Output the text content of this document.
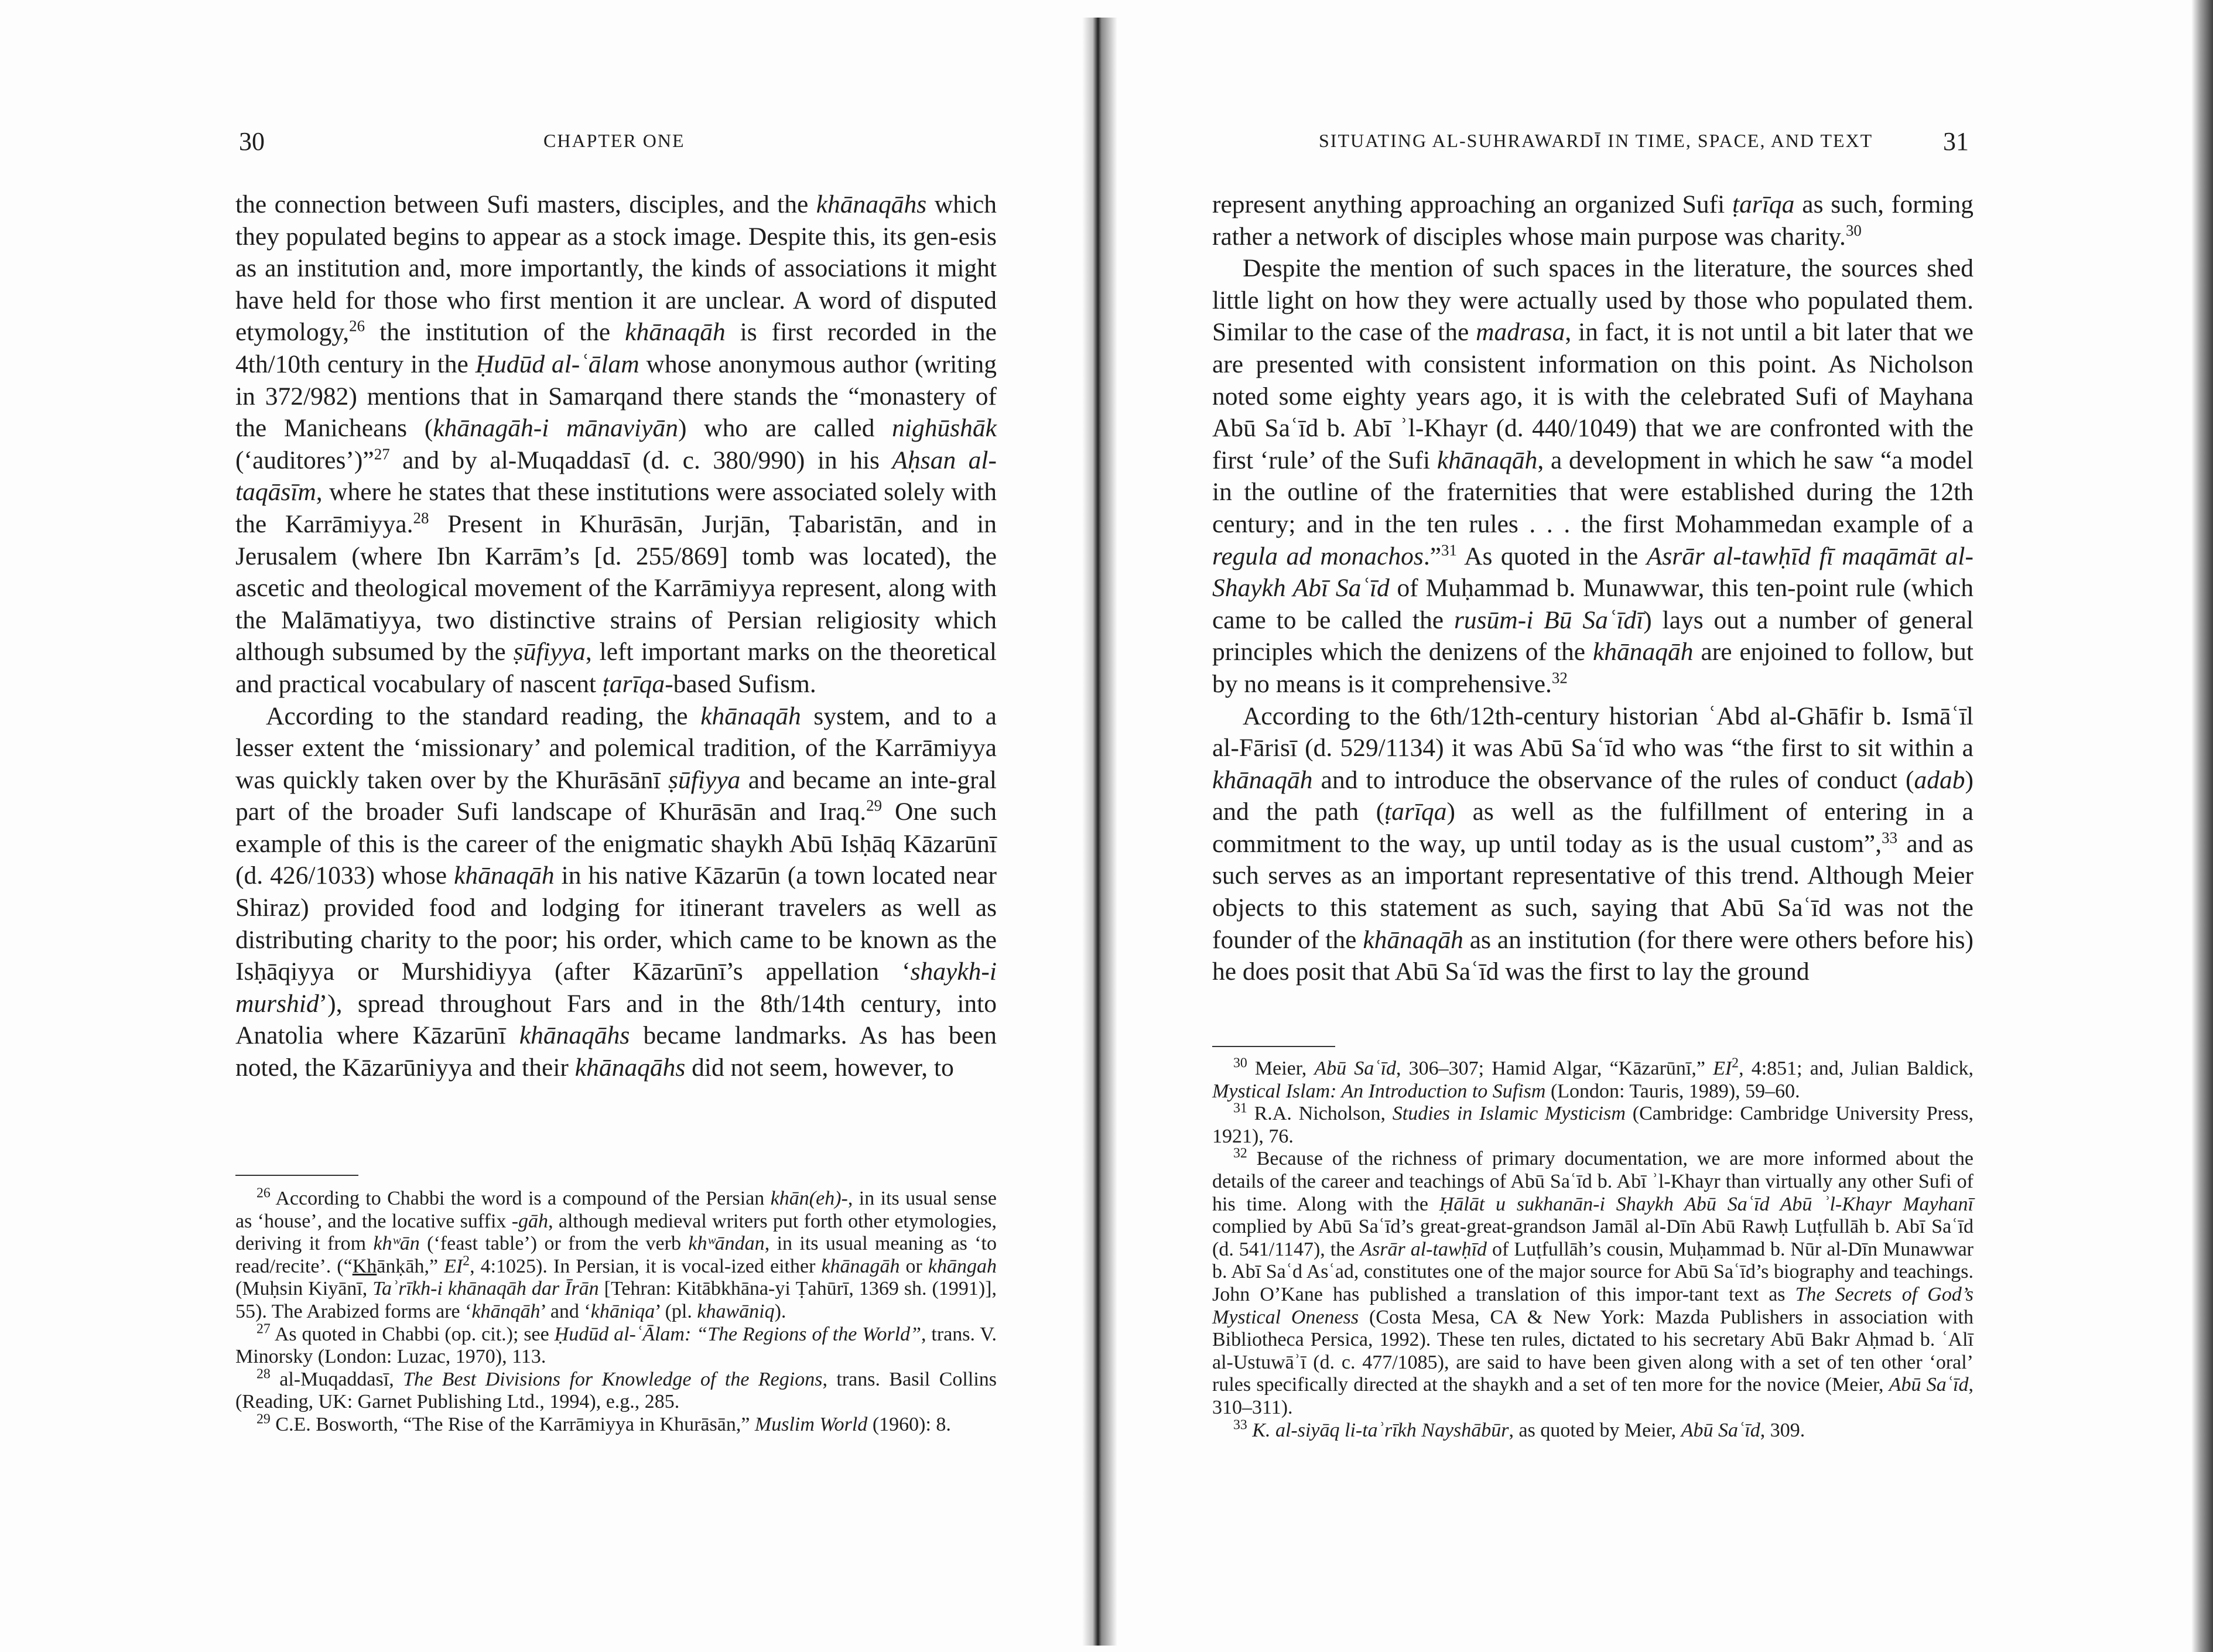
30	CHAPTER ONE

the connection between Sufi masters, disciples, and the khānaqāhs which they populated begins to appear as a stock image. Despite this, its gen-esis as an institution and, more importantly, the kinds of associations it might have held for those who first mention it are unclear. A word of disputed etymology,$^{26}$ the institution of the khānaqāh is first recorded in the 4th/10th century in the Ḥudūd al-ʿālam whose anonymous author (writing in 372/982) mentions that in Samarqand there stands the “monastery of the Manicheans (khānagāh-i mānaviyān) who are called nighūshāk (‘auditores’)”$^{27}$ and by al-Muqaddasī (d. c. 380/990) in his Aḥsan al-taqāsīm, where he states that these institutions were associated solely with the Karrāmiyya.$^{28}$ Present in Khurāsān, Jurjān, Ṭabaristān, and in Jerusalem (where Ibn Karrām’s [d. 255/869] tomb was located), the ascetic and theological movement of the Karrāmiyya represent, along with the Malāmatiyya, two distinctive strains of Persian religiosity which although subsumed by the ṣūfiyya, left important marks on the theoretical and practical vocabulary of nascent ṭarīqa-based Sufism.

According to the standard reading, the khānaqāh system, and to a lesser extent the ‘missionary’ and polemical tradition, of the Karrāmiyya was quickly taken over by the Khurāsānī ṣūfiyya and became an inte-gral part of the broader Sufi landscape of Khurāsān and Iraq.$^{29}$ One such example of this is the career of the enigmatic shaykh Abū Isḥāq Kāzarūnī (d. 426/1033) whose khānaqāh in his native Kāzarūn (a town located near Shiraz) provided food and lodging for itinerant travelers as well as distributing charity to the poor; his order, which came to be known as the Isḥāqiyya or Murshidiyya (after Kāzarūnī’s appellation ‘shaykh-i murshid’), spread throughout Fars and in the 8th/14th century, into Anatolia where Kāzarūnī khānaqāhs became landmarks. As has been noted, the Kāzarūniyya and their khānaqāhs did not seem, however, to

$^{26}$ According to Chabbi the word is a compound of the Persian khān(eh)-, in its usual sense as ‘house’, and the locative suffix -gāh, although medieval writers put forth other etymologies, deriving it from khʷān (‘feast table’) or from the verb khʷāndan, in its usual meaning as ‘to read/recite’. (“Khānḳāh,” $EI^2$, 4:1025). In Persian, it is vocal-ized either khānagāh or khāngah (Muḥsin Kiyānī, Taʾrīkh-i khānaqāh dar Īrān [Tehran: Kitābkhāna-yi Ṭahūrī, 1369 sh. (1991)], 55). The Arabized forms are ‘khānqāh’ and ‘khāniqa’ (pl. khawāniq).

$^{27}$ As quoted in Chabbi (op. cit.); see Ḥudūd al-ʿĀlam: “The Regions of the World”, trans. V. Minorsky (London: Luzac, 1970), 113.

$^{28}$ al-Muqaddasī, The Best Divisions for Knowledge of the Regions, trans. Basil Collins (Reading, UK: Garnet Publishing Ltd., 1994), e.g., 285.

$^{29}$ C.E. Bosworth, “The Rise of the Karrāmiyya in Khurāsān,” Muslim World (1960): 8.

SITUATING AL-SUHRAWARDĪ IN TIME, SPACE, AND TEXT	31

represent anything approaching an organized Sufi ṭarīqa as such, forming rather a network of disciples whose main purpose was charity.$^{30}$

Despite the mention of such spaces in the literature, the sources shed little light on how they were actually used by those who populated them. Similar to the case of the madrasa, in fact, it is not until a bit later that we are presented with consistent information on this point. As Nicholson noted some eighty years ago, it is with the celebrated Sufi of Mayhana Abū Saʿīd b. Abī ʾl-Khayr (d. 440/1049) that we are confronted with the first ‘rule’ of the Sufi khānaqāh, a development in which he saw “a model in the outline of the fraternities that were established during the 12th century; and in the ten rules . . . the first Mohammedan example of a regula ad monachos.”$^{31}$ As quoted in the Asrār al-tawḥīd fī maqāmāt al-Shaykh Abī Saʿīd of Muḥammad b. Munawwar, this ten-point rule (which came to be called the rusūm-i Bū Saʿīdī) lays out a number of general principles which the denizens of the khānaqāh are enjoined to follow, but by no means is it comprehensive.$^{32}$

According to the 6th/12th-century historian ʿAbd al-Ghāfir b. Ismāʿīl al-Fārisī (d. 529/1134) it was Abū Saʿīd who was “the first to sit within a khānaqāh and to introduce the observance of the rules of conduct (adab) and the path (ṭarīqa) as well as the fulfillment of entering in a commitment to the way, up until today as is the usual custom”,$^{33}$ and as such serves as an important representative of this trend. Although Meier objects to this statement as such, saying that Abū Saʿīd was not the founder of the khānaqāh as an institution (for there were others before his) he does posit that Abū Saʿīd was the first to lay the ground

$^{30}$ Meier, Abū Saʿīd, 306–307; Hamid Algar, “Kāzarūnī,” $EI^2$, 4:851; and, Julian Baldick, Mystical Islam: An Introduction to Sufism (London: Tauris, 1989), 59–60.

$^{31}$ R.A. Nicholson, Studies in Islamic Mysticism (Cambridge: Cambridge University Press, 1921), 76.

$^{32}$ Because of the richness of primary documentation, we are more informed about the details of the career and teachings of Abū Saʿīd b. Abī ʾl-Khayr than virtually any other Sufi of his time. Along with the Ḥālāt u sukhanān-i Shaykh Abū Saʿīd Abū ʾl-Khayr Mayhanī complied by Abū Saʿīd’s great-great-grandson Jamāl al-Dīn Abū Rawḥ Luṭfullāh b. Abī Saʿīd (d. 541/1147), the Asrār al-tawḥīd of Luṭfullāh’s cousin, Muḥammad b. Nūr al-Dīn Munawwar b. Abī Saʿd Asʿad, constitutes one of the major source for Abū Saʿīd’s biography and teachings. John O’Kane has published a translation of this impor-tant text as The Secrets of God’s Mystical Oneness (Costa Mesa, CA & New York: Mazda Publishers in association with Bibliotheca Persica, 1992). These ten rules, dictated to his secretary Abū Bakr Aḥmad b. ʿAlī al-Ustuwāʾī (d. c. 477/1085), are said to have been given along with a set of ten other ‘oral’ rules specifically directed at the shaykh and a set of ten more for the novice (Meier, Abū Saʿīd, 310–311).

$^{33}$ K. al-siyāq li-taʾrīkh Nayshābūr, as quoted by Meier, Abū Saʿīd, 309.
